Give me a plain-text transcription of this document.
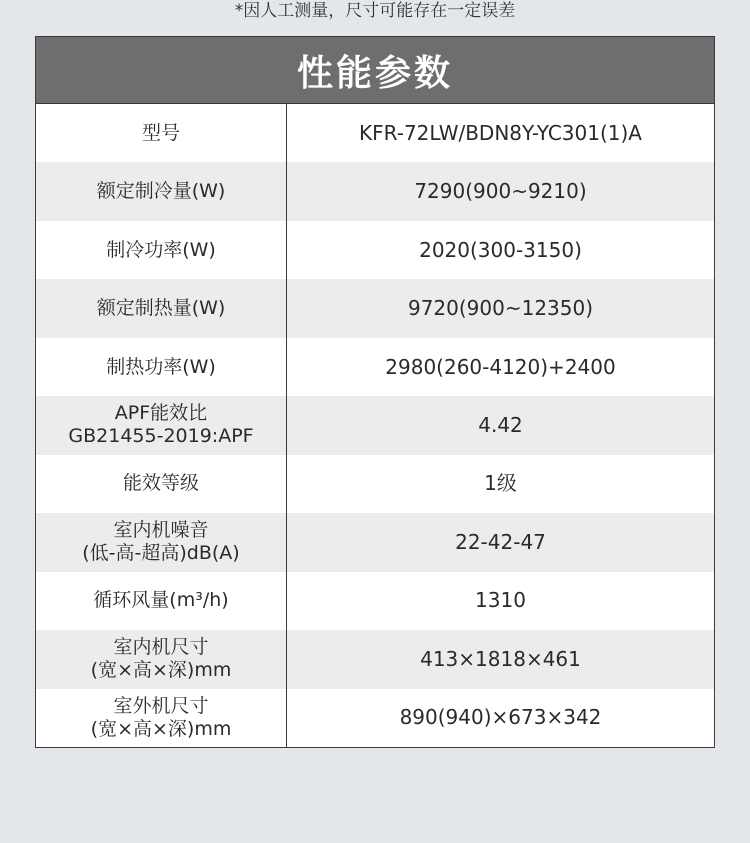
*因人工测量，尺寸可能存在一定误差
性能参数
型号	KFR-72LW/BDN8Y-YC301(1)A
额定制冷量(W)	7290(900~9210)
制冷功率(W)	2020(300-3150)
额定制热量(W)	9720(900~12350)
制热功率(W)	2980(260-4120)+2400
APF能效比
GB21455-2019:APF	4.42
能效等级	1级
室内机噪音
(低-高-超高)dB(A)	22-42-47
循环风量(m³/h)	1310
室内机尺寸
(宽×高×深)mm	413×1818×461
室外机尺寸
(宽×高×深)mm	890(940)×673×342
